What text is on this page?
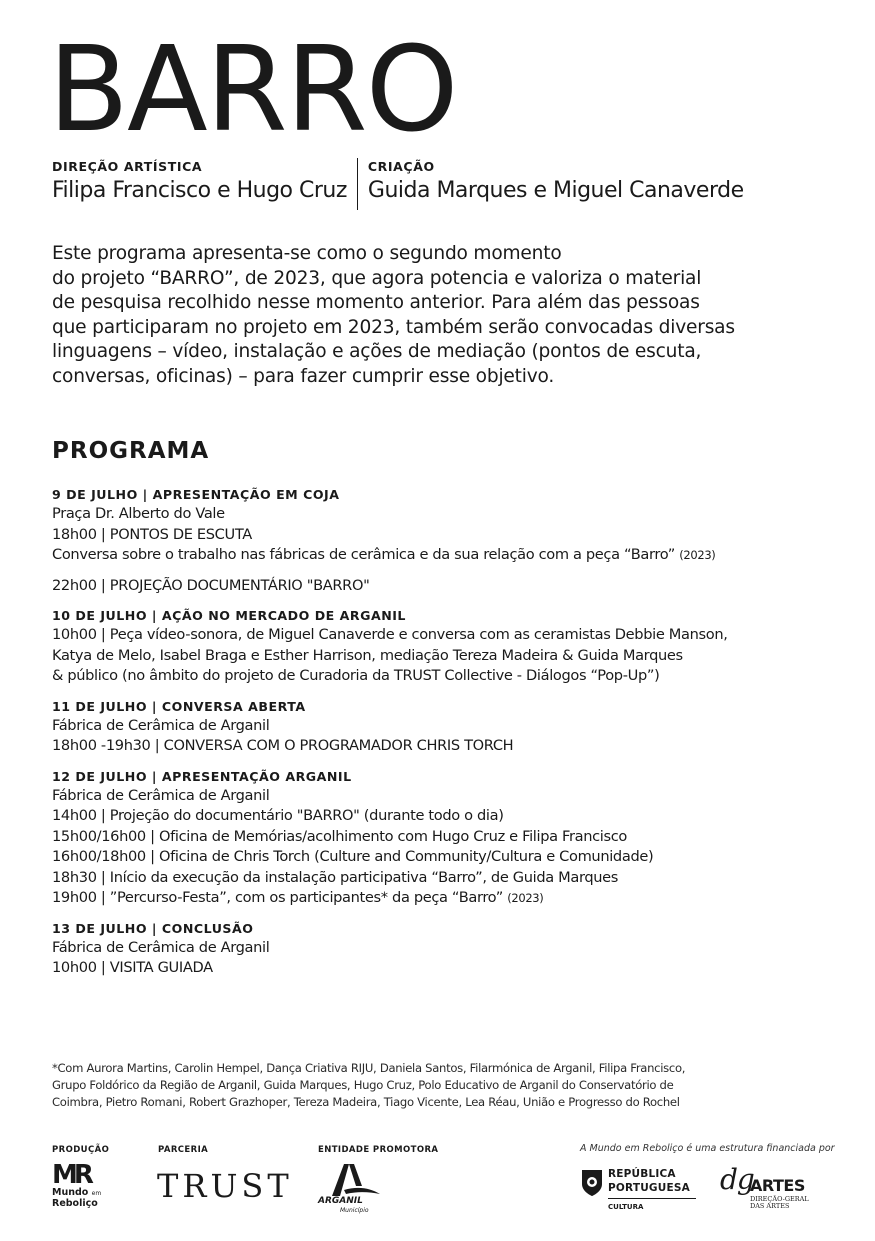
BARRO
DIREÇÃO ARTÍSTICA
Filipa Francisco e Hugo Cruz
CRIAÇÃO
Guida Marques e Miguel Canaverde

Este programa apresenta-se como o segundo momento

do projeto “BARRO”, de 2023, que agora potencia e valoriza o material

de pesquisa recolhido nesse momento anterior. Para além das pessoas

que participaram no projeto em 2023, também serão convocadas diversas

linguagens – vídeo, instalação e ações de mediação (pontos de escuta,

conversas, oficinas) – para fazer cumprir esse objetivo.

PROGRAMA
9 DE JULHO | APRESENTAÇÃO EM COJA
Praça Dr. Alberto do Vale
18h00 | PONTOS DE ESCUTA
Conversa sobre o trabalho nas fábricas de cerâmica e da sua relação com a peça “Barro” (2023)
22h00 | PROJEÇÃO DOCUMENTÁRIO "BARRO"
10 DE JULHO | AÇÃO NO MERCADO DE ARGANIL
10h00 | Peça vídeo-sonora, de Miguel Canaverde e conversa com as ceramistas Debbie Manson,
Katya de Melo, Isabel Braga e Esther Harrison, mediação Tereza Madeira & Guida Marques
& público (no âmbito do projeto de Curadoria da TRUST Collective - Diálogos “Pop-Up”)
11 DE JULHO | CONVERSA ABERTA
Fábrica de Cerâmica de Arganil
18h00 -19h30 | CONVERSA COM O PROGRAMADOR CHRIS TORCH
12 DE JULHO | APRESENTAÇÃO ARGANIL
Fábrica de Cerâmica de Arganil
14h00 | Projeção do documentário "BARRO" (durante todo o dia)
15h00/16h00 | Oficina de Memórias/acolhimento com Hugo Cruz e Filipa Francisco
16h00/18h00 | Oficina de Chris Torch (Culture and Community/Cultura e Comunidade)
18h30 | Início da execução da instalação participativa “Barro”, de Guida Marques
19h00 | ”Percurso-Festa”, com os participantes* da peça “Barro” (2023)
13 DE JULHO | CONCLUSÃO
Fábrica de Cerâmica de Arganil
10h00 | VISITA GUIADA

*Com Aurora Martins, Carolin Hempel, Dança Criativa RIJU, Daniela Santos, Filarmónica de Arganil, Filipa Francisco,

Grupo Foldórico da Região de Arganil, Guida Marques, Hugo Cruz, Polo Educativo de Arganil do Conservatório de

Coimbra, Pietro Romani, Robert Grazhoper, Tereza Madeira, Tiago Vicente, Lea Réau, União e Progresso do Rochel

PRODUÇÃO	PARCERIA	ENTIDADE PROMOTORA	A Mundo em Reboliço é uma estrutura financiada por
MR
Mundo em
Reboliço	TRUST	ARGANIL
Município
REPÚBLICA
PORTUGUESA
CULTURA
dg
ARTES
DIREÇÃO-GERAL
DAS ARTES
